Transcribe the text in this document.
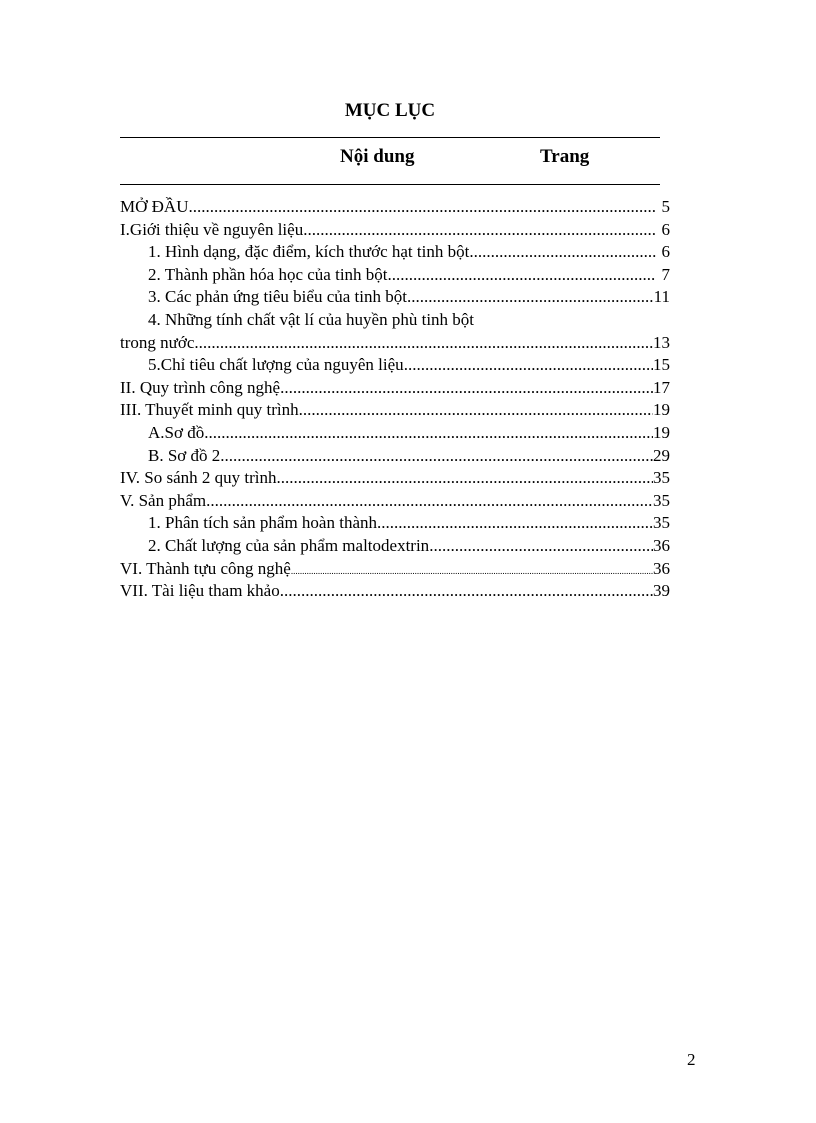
MỤC LỤC
Nội dung	Trang
MỞ ĐẦU .....	5
I.Giới thiệu về nguyên liệu .....	6
1. Hình dạng, đặc điểm, kích thước hạt tinh bột .....	6
2. Thành phần hóa học của tinh bột .....	7
3. Các phản ứng tiêu biểu của tinh bột .....	11
4. Những tính chất vật lí của huyền phù tinh bột
trong nước .....	13
5.Chỉ tiêu chất lượng của nguyên liệu .....	15
II. Quy trình công nghệ .....	17
III. Thuyết minh quy trình .....	19
A.Sơ đồ .....	19
B. Sơ đồ 2 .....	29
IV. So sánh 2 quy trình .....	35
V. Sản phẩm .....	35
1. Phân tích sản phẩm hoàn thành .....	35
2. Chất lượng của sản phẩm maltodextrin .....	36
VI. Thành tựu công nghệ .....	36
VII. Tài liệu tham khảo .....	39
2
